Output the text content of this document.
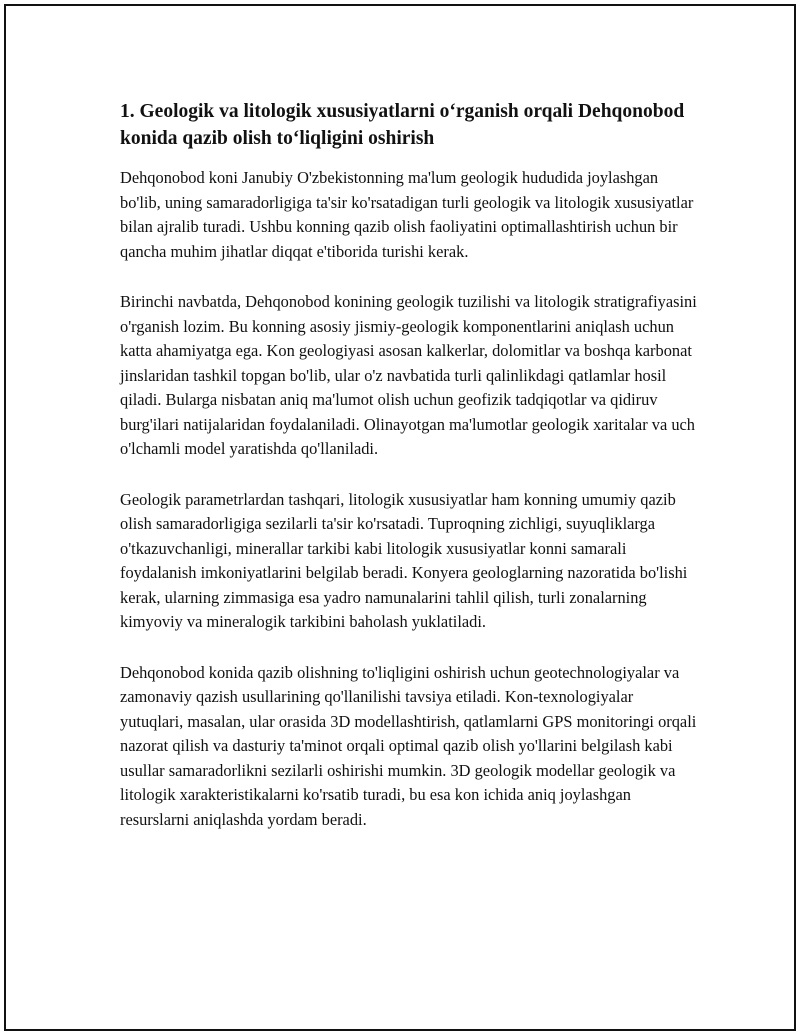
1. Geologik va litologik xususiyatlarni o‘rganish orqali Dehqonobod konida qazib olish to‘liqligini oshirish

Dehqonobod koni Janubiy O'zbekistonning ma'lum geologik hududida joylashgan bo'lib, uning samaradorligiga ta'sir ko'rsatadigan turli geologik va litologik xususiyatlar bilan ajralib turadi. Ushbu konning qazib olish faoliyatini optimallashtirish uchun bir qancha muhim jihatlar diqqat e'tiborida turishi kerak.

Birinchi navbatda, Dehqonobod konining geologik tuzilishi va litologik stratigrafiyasini o'rganish lozim. Bu konning asosiy jismiy-geologik komponentlarini aniqlash uchun katta ahamiyatga ega. Kon geologiyasi asosan kalkerlar, dolomitlar va boshqa karbonat jinslaridan tashkil topgan bo'lib, ular o'z navbatida turli qalinlikdagi qatlamlar hosil qiladi. Bularga nisbatan aniq ma'lumot olish uchun geofizik tadqiqotlar va qidiruv burg'ilari natijalaridan foydalaniladi. Olinayotgan ma'lumotlar geologik xaritalar va uch o'lchamli model yaratishda qo'llaniladi.

Geologik parametrlardan tashqari, litologik xususiyatlar ham konning umumiy qazib olish samaradorligiga sezilarli ta'sir ko'rsatadi. Tuproqning zichligi, suyuqliklarga o'tkazuvchanligi, minerallar tarkibi kabi litologik xususiyatlar konni samarali foydalanish imkoniyatlarini belgilab beradi. Konyera geologlarning nazoratida bo'lishi kerak, ularning zimmasiga esa yadro namunalarini tahlil qilish, turli zonalarning kimyoviy va mineralogik tarkibini baholash yuklatiladi.

Dehqonobod konida qazib olishning to'liqligini oshirish uchun geotechnologiyalar va zamonaviy qazish usullarining qo'llanilishi tavsiya etiladi. Kon-texnologiyalar yutuqlari, masalan, ular orasida 3D modellashtirish, qatlamlarni GPS monitoringi orqali nazorat qilish va dasturiy ta'minot orqali optimal qazib olish yo'llarini belgilash kabi usullar samaradorlikni sezilarli oshirishi mumkin. 3D geologik modellar geologik va litologik xarakteristikalarni ko'rsatib turadi, bu esa kon ichida aniq joylashgan resurslarni aniqlashda yordam beradi.
